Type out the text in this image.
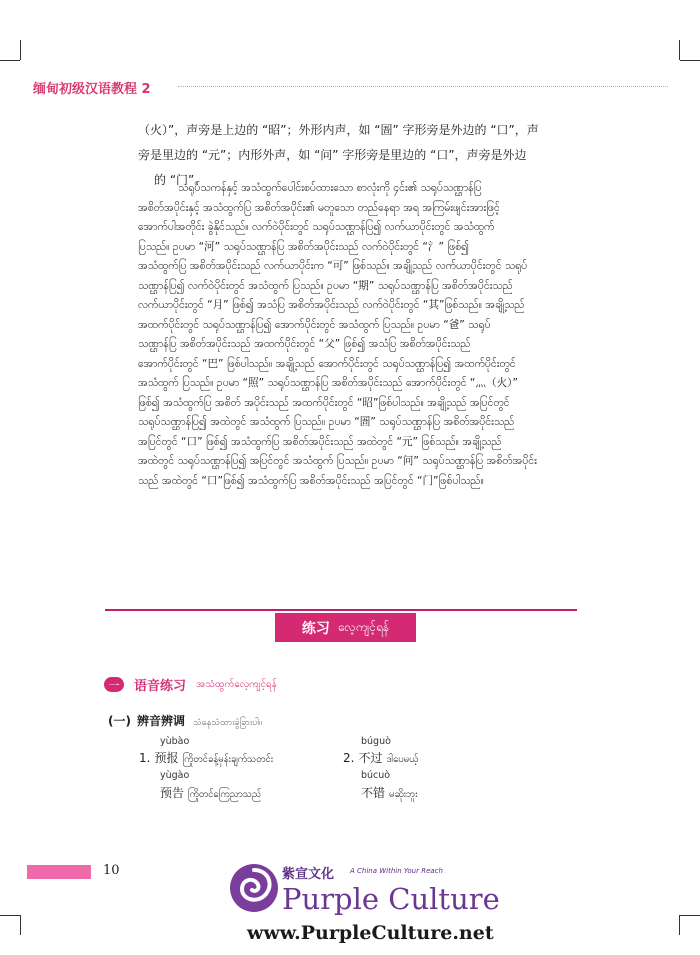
缅甸初级汉语教程 2
（火）”，声旁是上边的 “昭”；外形内声，如 “圄” 字形旁是外边的 “口”，声
旁是里边的 “元”；内形外声，如 “问” 字形旁是里边的 “口”，声旁是外边
的 “门”。
သရုပ်သကန်နှင့် အသံထွက်ပေါင်းစပ်ထားသော စာလုံးကို ၄င်း၏ သရုပ်သဏ္ဌာန်ပြ
အစိတ်အပိုင်းနှင့် အသံထွက်ပြ အစိတ်အပိုင်း၏ မတူသော တည်နေရာ အရ အကြမ်းဖျင်းအားဖြင့်
အောက်ပါအတိုင်း ခွဲနိုင်သည်။ လက်ဝဲပိုင်းတွင် သရုပ်သဏ္ဌာန်ပြ၍ လက်ယာပိုင်းတွင် အသံထွက်
ပြသည်။ ဥပမာ “河” သရုပ်သဏ္ဌာန်ပြ အစိတ်အပိုင်းသည် လက်ဝဲပိုင်းတွင် “氵” ဖြစ်၍
အသံထွက်ပြ အစိတ်အပိုင်းသည် လက်ယာပိုင်းက “可” ဖြစ်သည်။ အချို့သည် လက်ယာပိုင်းတွင် သရုပ်
သဏ္ဌာန်ပြ၍ လက်ဝဲပိုင်းတွင် အသံထွက် ပြသည်။ ဥပမာ “期” သရုပ်သဏ္ဌာန်ပြ အစိတ်အပိုင်းသည်
လက်ယာပိုင်းတွင် “月” ဖြစ်၍ အသံပြ အစိတ်အပိုင်းသည် လက်ဝဲပိုင်းတွင် “其”ဖြစ်သည်။ အချို့သည်
အထက်ပိုင်းတွင် သရုပ်သဏ္ဌာန်ပြ၍ အောက်ပိုင်းတွင် အသံထွက် ပြသည်။ ဥပမာ “爸” သရုပ်
သဏ္ဌာန်ပြ အစိတ်အပိုင်းသည် အထက်ပိုင်းတွင် “父” ဖြစ်၍ အသံပြ အစိတ်အပိုင်းသည်
အောက်ပိုင်းတွင် “巴” ဖြစ်ပါသည်။ အချို့သည် အောက်ပိုင်းတွင် သရုပ်သဏ္ဌာန်ပြ၍ အထက်ပိုင်းတွင်
အသံထွက် ပြသည်။ ဥပမာ “照” သရုပ်သဏ္ဌာန်ပြ အစိတ်အပိုင်းသည် အောက်ပိုင်းတွင် “灬（火）”
ဖြစ်၍ အသံထွက်ပြ အစိတ် အပိုင်းသည် အထက်ပိုင်းတွင် “昭”ဖြစ်ပါသည်။ အချို့သည် အပြင်တွင်
သရုပ်သဏ္ဌာန်ပြ၍ အထဲတွင် အသံထွက် ပြသည်။ ဥပမာ “圄” သရုပ်သဏ္ဌာန်ပြ အစိတ်အပိုင်းသည်
အပြင်တွင် “口” ဖြစ်၍ အသံထွက်ပြ အစိတ်အပိုင်းသည် အထဲတွင် “元” ဖြစ်သည်။ အချို့သည်
အထဲတွင် သရုပ်သဏ္ဌာန်ပြ၍ အပြင်တွင် အသံထွက် ပြသည်။ ဥပမာ “问” သရုပ်သဏ္ဌာန်ပြ အစိတ်အပိုင်း
သည် အထဲတွင် “口”ဖြစ်၍ အသံထွက်ပြ အစိတ်အပိုင်းသည် အပြင်တွင် “门”ဖြစ်ပါသည်။
练习 လေ့ကျင့်ရန်
一	语音练习 အသံထွက်လေ့ကျင့်ရန်
(一) 辨音辨调 သံနေသံထားခွဲခြားပါ။
yùbào
1. 预报 ကြိုတင်ခန့်မှန်းချက်သတင်း
yùgào
预告 ကြိုတင်ကြေညာသည်
búguò
2. 不过 ဒါပေမယ့်
búcuò
不错 မဆိုးဘူး
10	紫宣文化 A China Within Your Reach
Purple Culture
www.PurpleCulture.net
